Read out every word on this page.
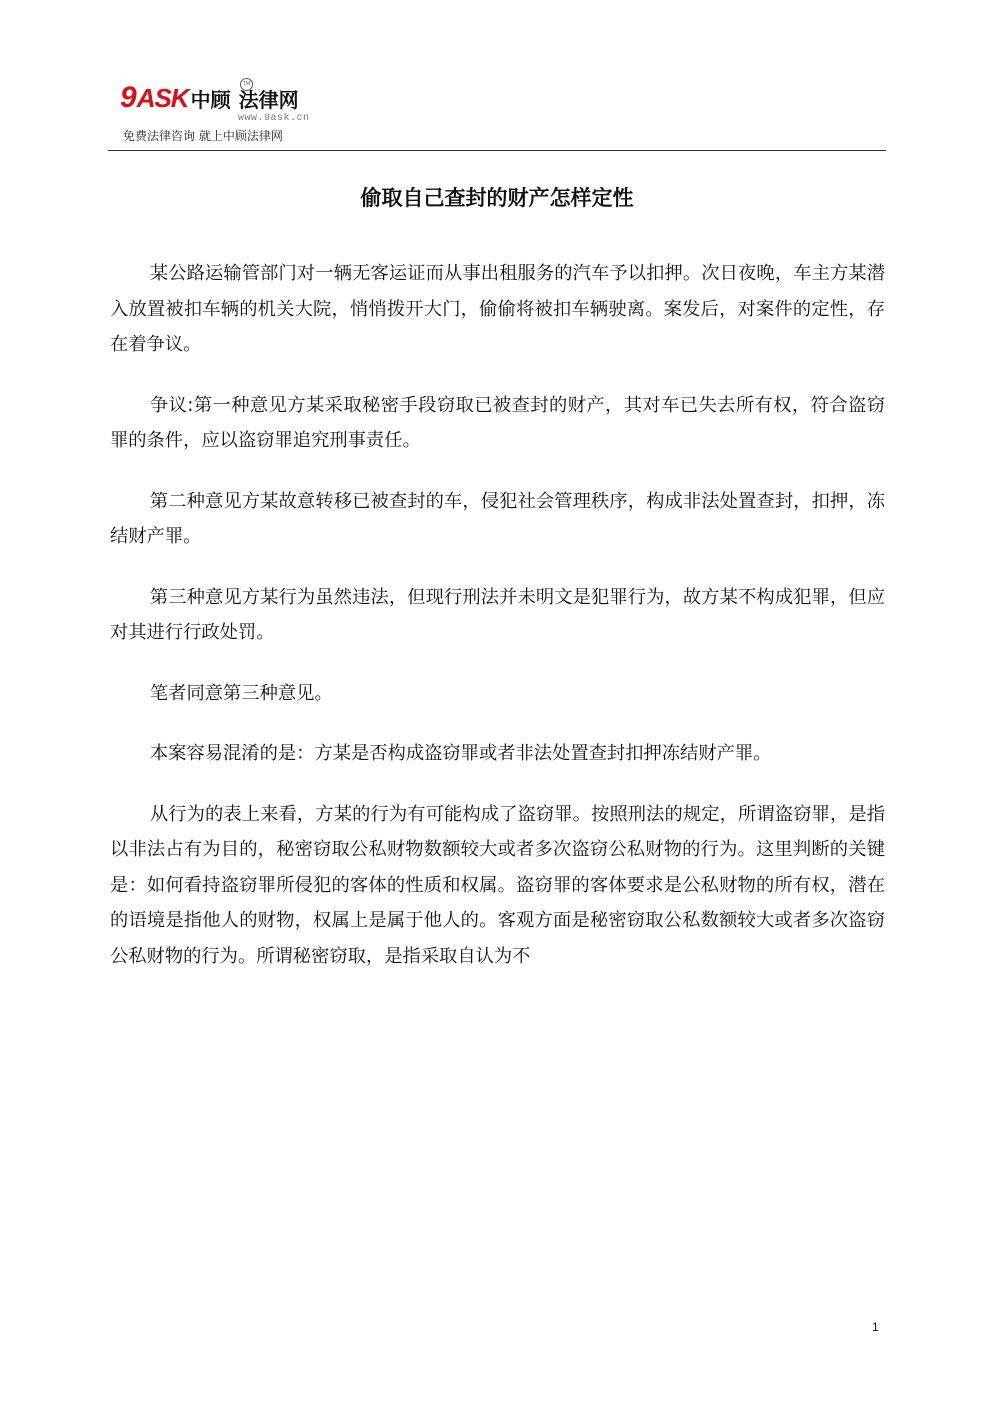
9ASK 中顾 法律网
TM
www.9ask.cn
免费法律咨询 就上中顾法律网
偷取自己查封的财产怎样定性

某公路运输管部门对一辆无客运证而从事出租服务的汽车予以扣押。次日夜晚，车主方某潜入放置被扣车辆的机关大院，悄悄拨开大门，偷偷将被扣车辆驶离。案发后，对案件的定性，存在着争议。

争议:第一种意见方某采取秘密手段窃取已被查封的财产，其对车已失去所有权，符合盗窃罪的条件，应以盗窃罪追究刑事责任。

第二种意见方某故意转移已被查封的车，侵犯社会管理秩序，构成非法处置查封，扣押，冻结财产罪。

第三种意见方某行为虽然违法，但现行刑法并未明文是犯罪行为，故方某不构成犯罪，但应对其进行行政处罚。

笔者同意第三种意见。

本案容易混淆的是：方某是否构成盗窃罪或者非法处置查封扣押冻结财产罪。

从行为的表上来看，方某的行为有可能构成了盗窃罪。按照刑法的规定，所谓盗窃罪，是指以非法占有为目的，秘密窃取公私财物数额较大或者多次盗窃公私财物的行为。这里判断的关键是：如何看持盗窃罪所侵犯的客体的性质和权属。盗窃罪的客体要求是公私财物的所有权，潜在的语境是指他人的财物，权属上是属于他人的。客观方面是秘密窃取公私数额较大或者多次盗窃公私财物的行为。所谓秘密窃取，是指采取自认为不

1
